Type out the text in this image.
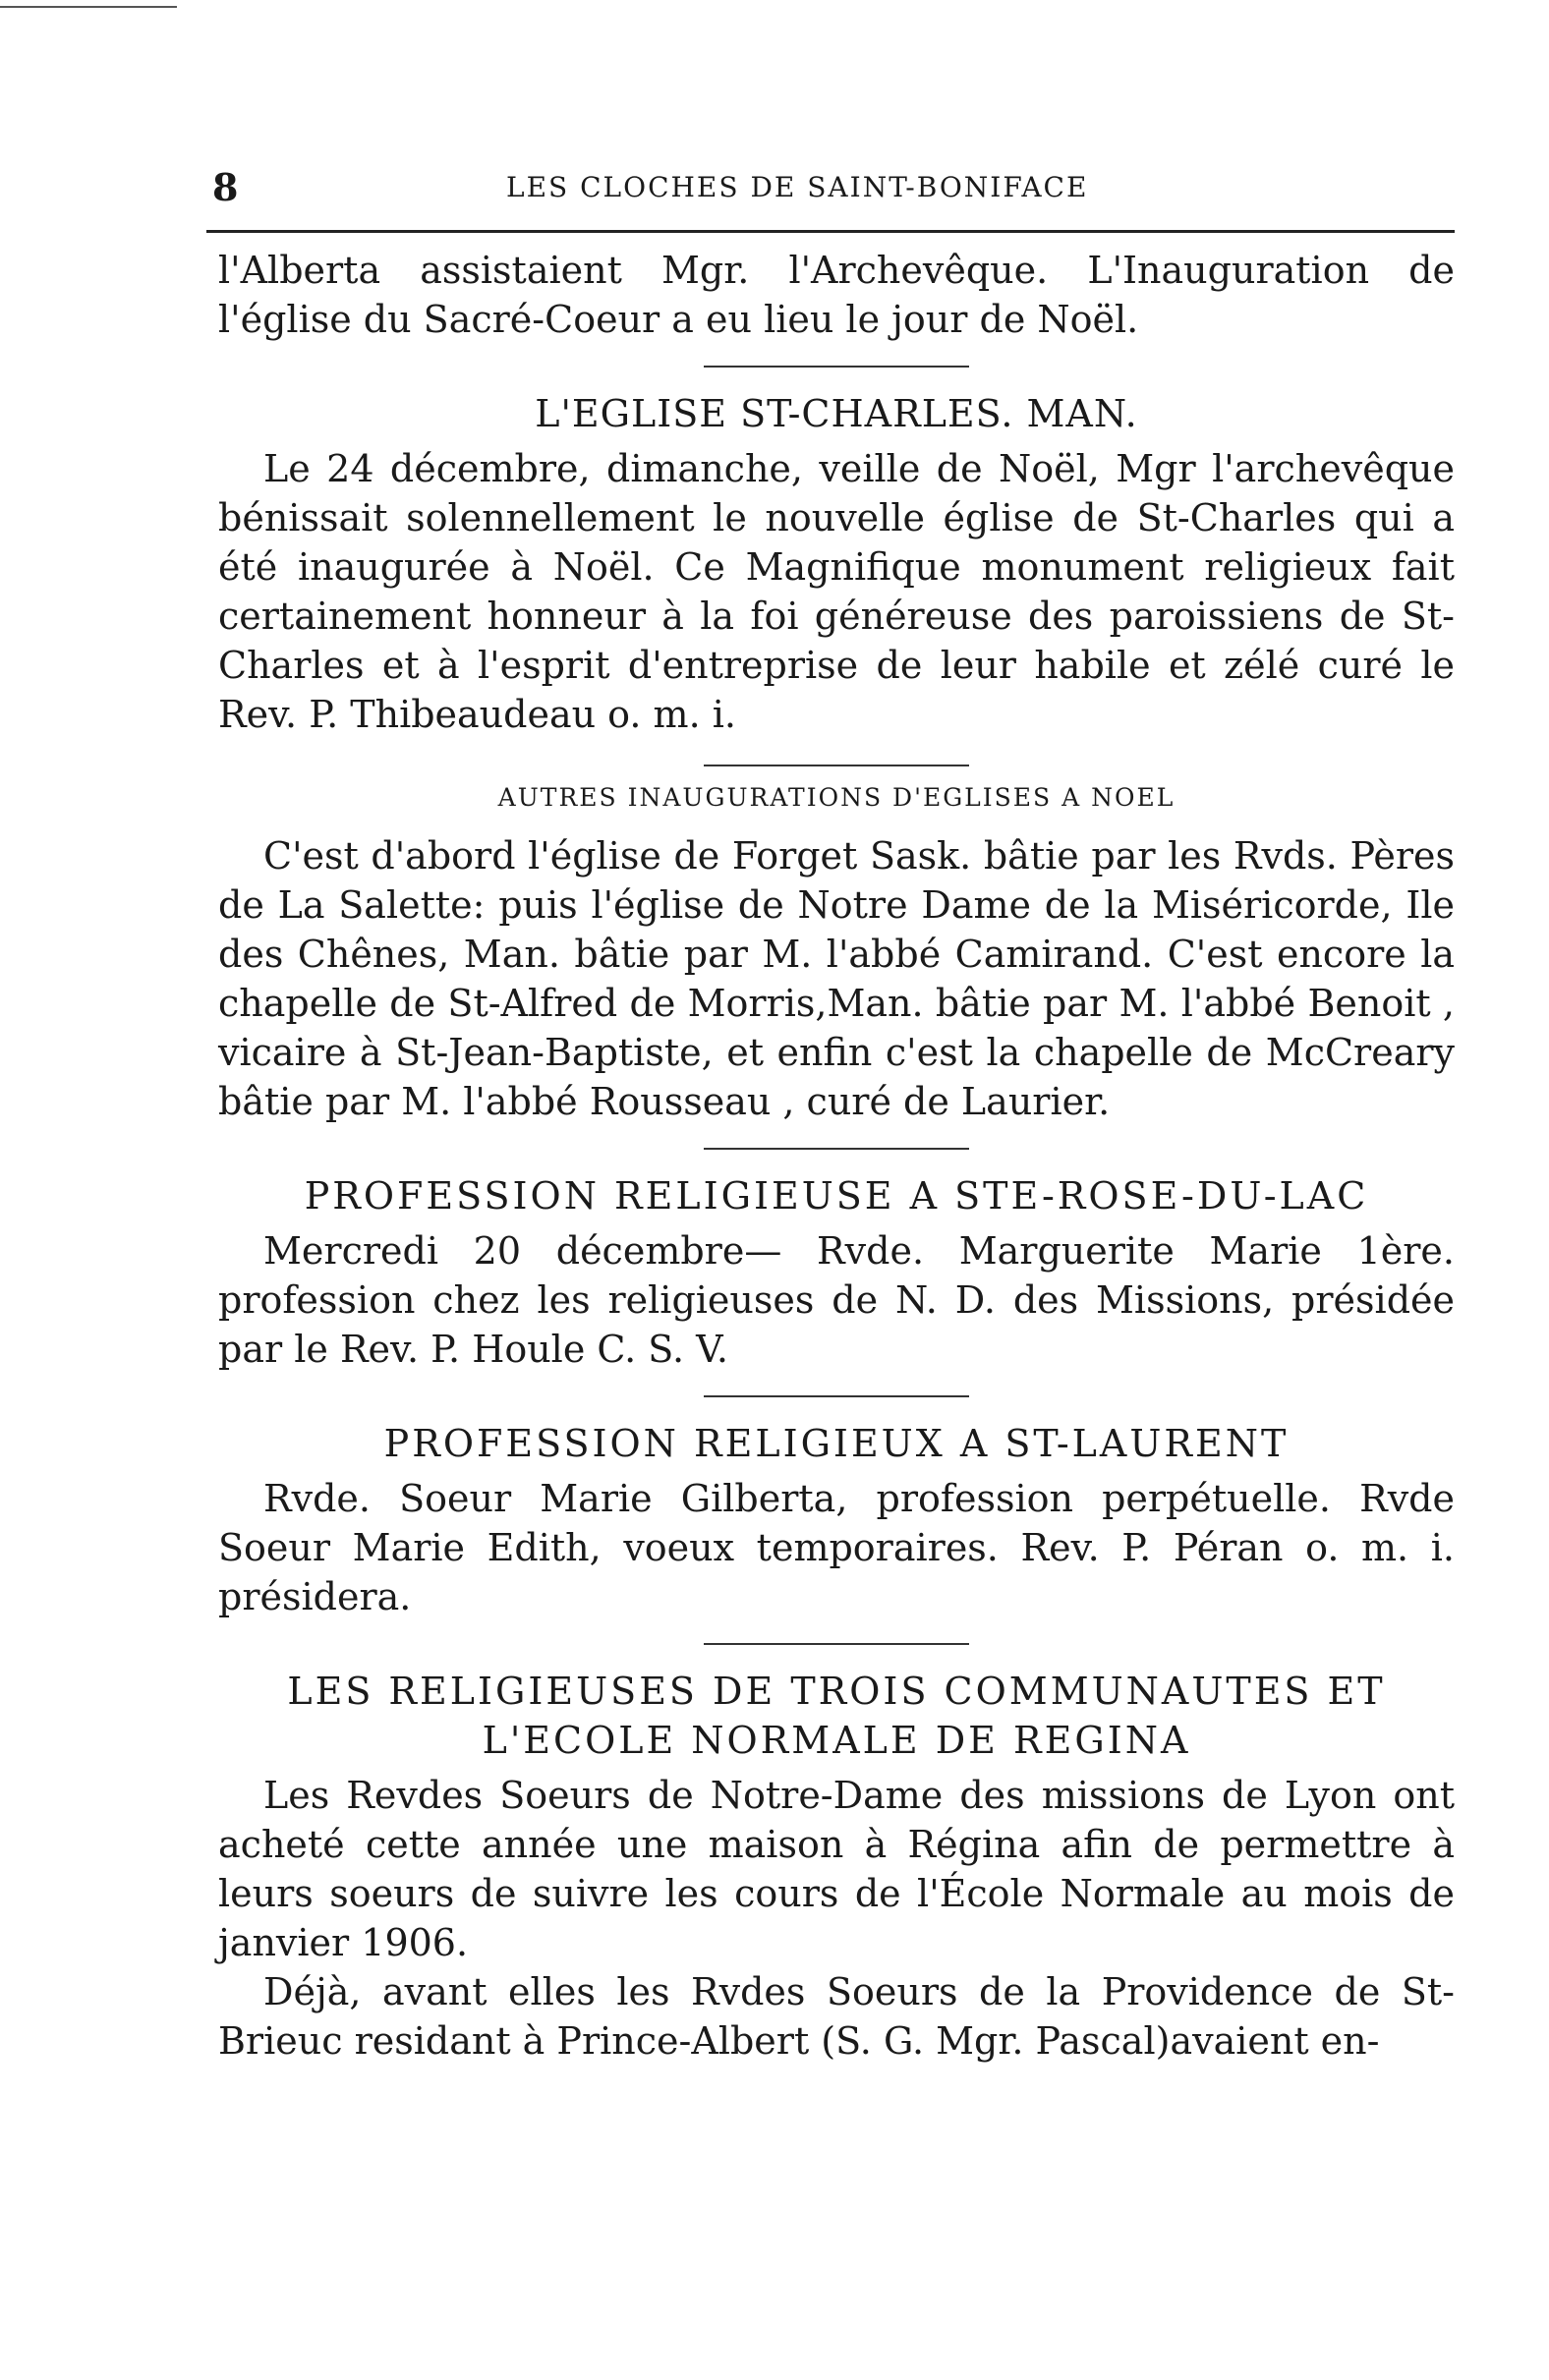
8	LES CLOCHES DE SAINT-BONIFACE

l'Alberta assistaient Mgr. l'Archevêque. L'Inauguration de l'église du Sacré-Coeur a eu lieu le jour de Noël.

L'EGLISE ST-CHARLES. MAN.

Le 24 décembre, dimanche, veille de Noël, Mgr l'archevêque bénissait solennellement le nouvelle église de St-Charles qui a été inaugurée à Noël. Ce Magnifique monument religieux fait certainement honneur à la foi généreuse des paroissiens de St-Charles et à l'esprit d'entreprise de leur habile et zélé curé le Rev. P. Thibeaudeau o. m. i.

AUTRES INAUGURATIONS D'EGLISES A NOEL

C'est d'abord l'église de Forget Sask. bâtie par les Rvds. Pères de La Salette: puis l'église de Notre Dame de la Miséricorde, Ile des Chênes, Man. bâtie par M. l'abbé Camirand. C'est encore la chapelle de St-Alfred de Morris,Man. bâtie par M. l'abbé Benoit , vicaire à St-Jean-Baptiste, et enfin c'est la chapelle de McCreary bâtie par M. l'abbé Rousseau , curé de Laurier.

PROFESSION RELIGIEUSE A STE-ROSE-DU-LAC

Mercredi 20 décembre— Rvde. Marguerite Marie 1ère. profession chez les religieuses de N. D. des Missions, présidée par le Rev. P. Houle C. S. V.

PROFESSION RELIGIEUX A ST-LAURENT

Rvde. Soeur Marie Gilberta, profession perpétuelle. Rvde Soeur Marie Edith, voeux temporaires. Rev. P. Péran o. m. i. présidera.

LES RELIGIEUSES DE TROIS COMMUNAUTES ET L'ECOLE NORMALE DE REGINA

Les Revdes Soeurs de Notre-Dame des missions de Lyon ont acheté cette année une maison à Régina afin de permettre à leurs soeurs de suivre les cours de l'École Normale au mois de janvier 1906.

Déjà, avant elles les Rvdes Soeurs de la Providence de St-Brieuc residant à Prince-Albert (S. G. Mgr. Pascal)avaient en-
